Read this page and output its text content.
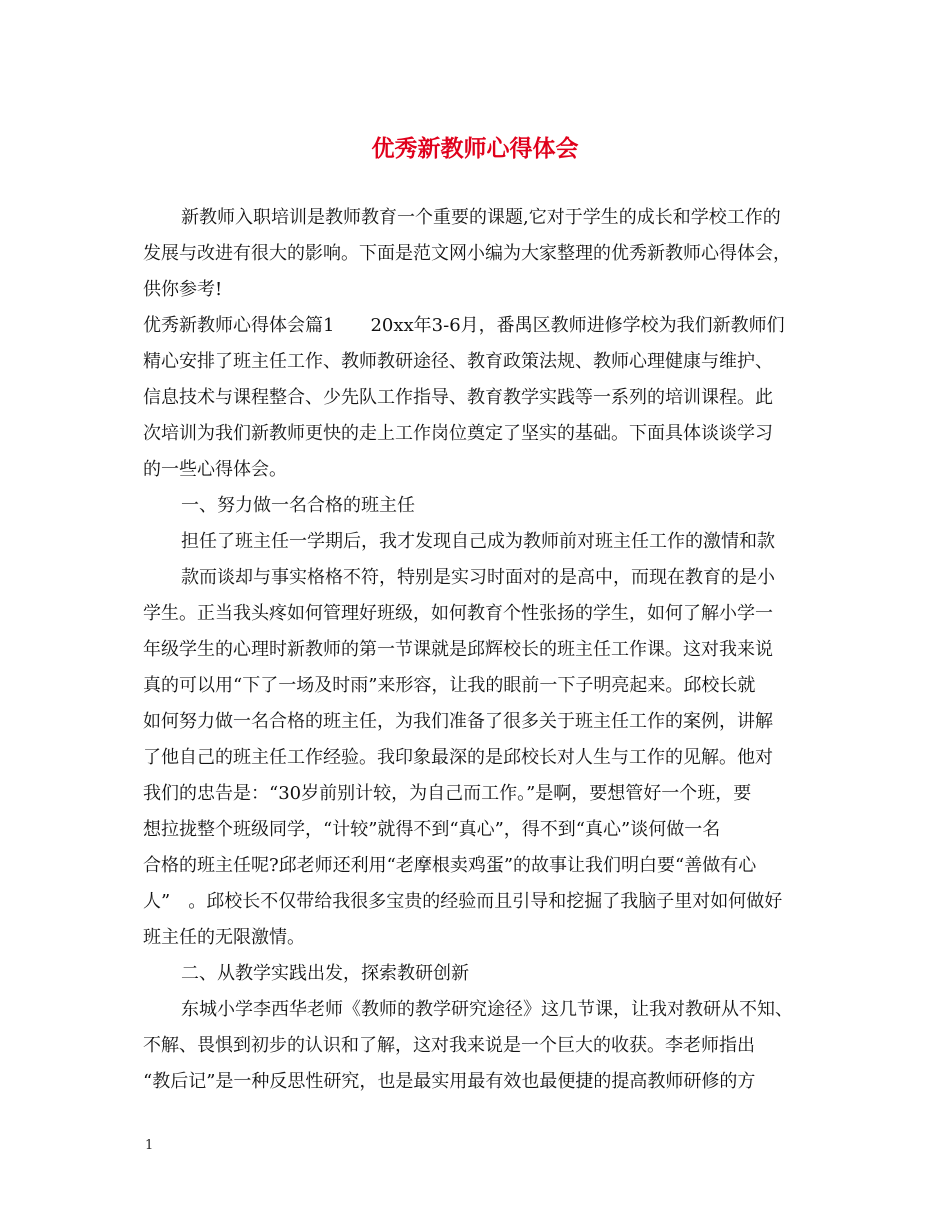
优秀新教师心得体会
新教师入职培训是教师教育一个重要的课题,它对于学生的成长和学校工作的
发展与改进有很大的影响。下面是范文网小编为大家整理的优秀新教师心得体会，
供你参考!
优秀新教师心得体会篇1　　20xx年3-6月，番禺区教师进修学校为我们新教师们
精心安排了班主任工作、教师教研途径、教育政策法规、教师心理健康与维护、
信息技术与课程整合、少先队工作指导、教育教学实践等一系列的培训课程。此
次培训为我们新教师更快的走上工作岗位奠定了坚实的基础。下面具体谈谈学习
的一些心得体会。
一、努力做一名合格的班主任
担任了班主任一学期后，我才发现自己成为教师前对班主任工作的激情和款
款而谈却与事实格格不符，特别是实习时面对的是高中，而现在教育的是小
学生。正当我头疼如何管理好班级，如何教育个性张扬的学生，如何了解小学一
年级学生的心理时新教师的第一节课就是邱辉校长的班主任工作课。这对我来说
真的可以用“下了一场及时雨”来形容，让我的眼前一下子明亮起来。邱校长就
如何努力做一名合格的班主任，为我们准备了很多关于班主任工作的案例，讲解
了他自己的班主任工作经验。我印象最深的是邱校长对人生与工作的见解。他对
我们的忠告是：“30岁前别计较，为自己而工作。”是啊，要想管好一个班，要
想拉拢整个班级同学，“计较”就得不到“真心”，得不到“真心”谈何做一名
合格的班主任呢?邱老师还利用“老摩根卖鸡蛋”的故事让我们明白要“善做有心
人”　。邱校长不仅带给我很多宝贵的经验而且引导和挖掘了我脑子里对如何做好
班主任的无限激情。
二、从教学实践出发，探索教研创新
东城小学李西华老师《教师的教学研究途径》这几节课，让我对教研从不知、
不解、畏惧到初步的认识和了解，这对我来说是一个巨大的收获。李老师指出
“教后记”是一种反思性研究，也是最实用最有效也最便捷的提高教师研修的方
1
